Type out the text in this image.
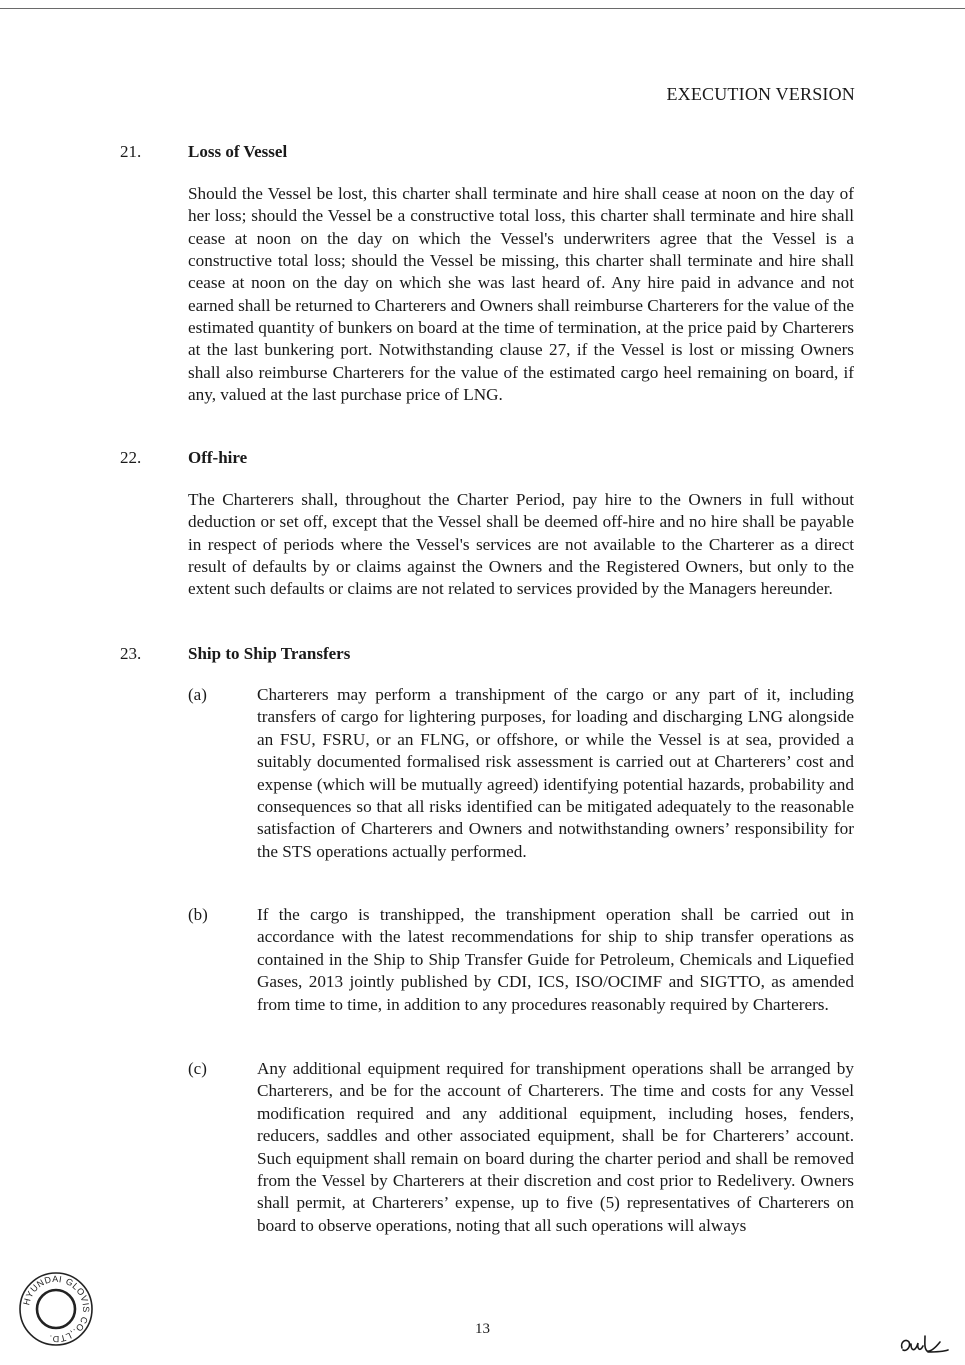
EXECUTION VERSION
21.	Loss of Vessel

Should the Vessel be lost, this charter shall terminate and hire shall cease at noon on the day of her loss; should the Vessel be a constructive total loss, this charter shall terminate and hire shall cease at noon on the day on which the Vessel's underwriters agree that the Vessel is a constructive total loss; should the Vessel be missing, this charter shall terminate and hire shall cease at noon on the day on which she was last heard of. Any hire paid in advance and not earned shall be returned to Charterers and Owners shall reimburse Charterers for the value of the estimated quantity of bunkers on board at the time of termination, at the price paid by Charterers at the last bunkering port. Notwithstanding clause 27, if the Vessel is lost or missing Owners shall also reimburse Charterers for the value of the estimated cargo heel remaining on board, if any, valued at the last purchase price of LNG.

22.	Off-hire

The Charterers shall, throughout the Charter Period, pay hire to the Owners in full without deduction or set off, except that the Vessel shall be deemed off-hire and no hire shall be payable in respect of periods where the Vessel's services are not available to the Charterer as a direct result of defaults by or claims against the Owners and the Registered Owners, but only to the extent such defaults or claims are not related to services provided by the Managers hereunder.

23.	Ship to Ship Transfers
(a)	Charterers may perform a transhipment of the cargo or any part of it, including transfers of cargo for lightering purposes, for loading and discharging LNG alongside an FSU, FSRU, or an FLNG, or offshore, or while the Vessel is at sea, provided a suitably documented formalised risk assessment is carried out at Charterers’ cost and expense (which will be mutually agreed) identifying potential hazards, probability and consequences so that all risks identified can be mitigated adequately to the reasonable satisfaction of Charterers and Owners and notwithstanding owners’ responsibility for the STS operations actually performed.

(b)	If the cargo is transhipped, the transhipment operation shall be carried out in accordance with the latest recommendations for ship to ship transfer operations as contained in the Ship to Ship Transfer Guide for Petroleum, Chemicals and Liquefied Gases, 2013 jointly published by CDI, ICS, ISO/OCIMF and SIGTTO, as amended from time to time, in addition to any procedures reasonably required by Charterers.

(c)	Any additional equipment required for transhipment operations shall be arranged by Charterers, and be for the account of Charterers. The time and costs for any Vessel modification required and any additional equipment, including hoses, fenders, reducers, saddles and other associated equipment, shall be for Charterers’ account. Such equipment shall remain on board during the charter period and shall be removed from the Vessel by Charterers at their discretion and cost prior to Redelivery. Owners shall permit, at Charterers’ expense, up to five (5) representatives of Charterers on board to observe operations, noting that all such operations will always

HYUNDAI GLOVIS CO.,LTD.
13
